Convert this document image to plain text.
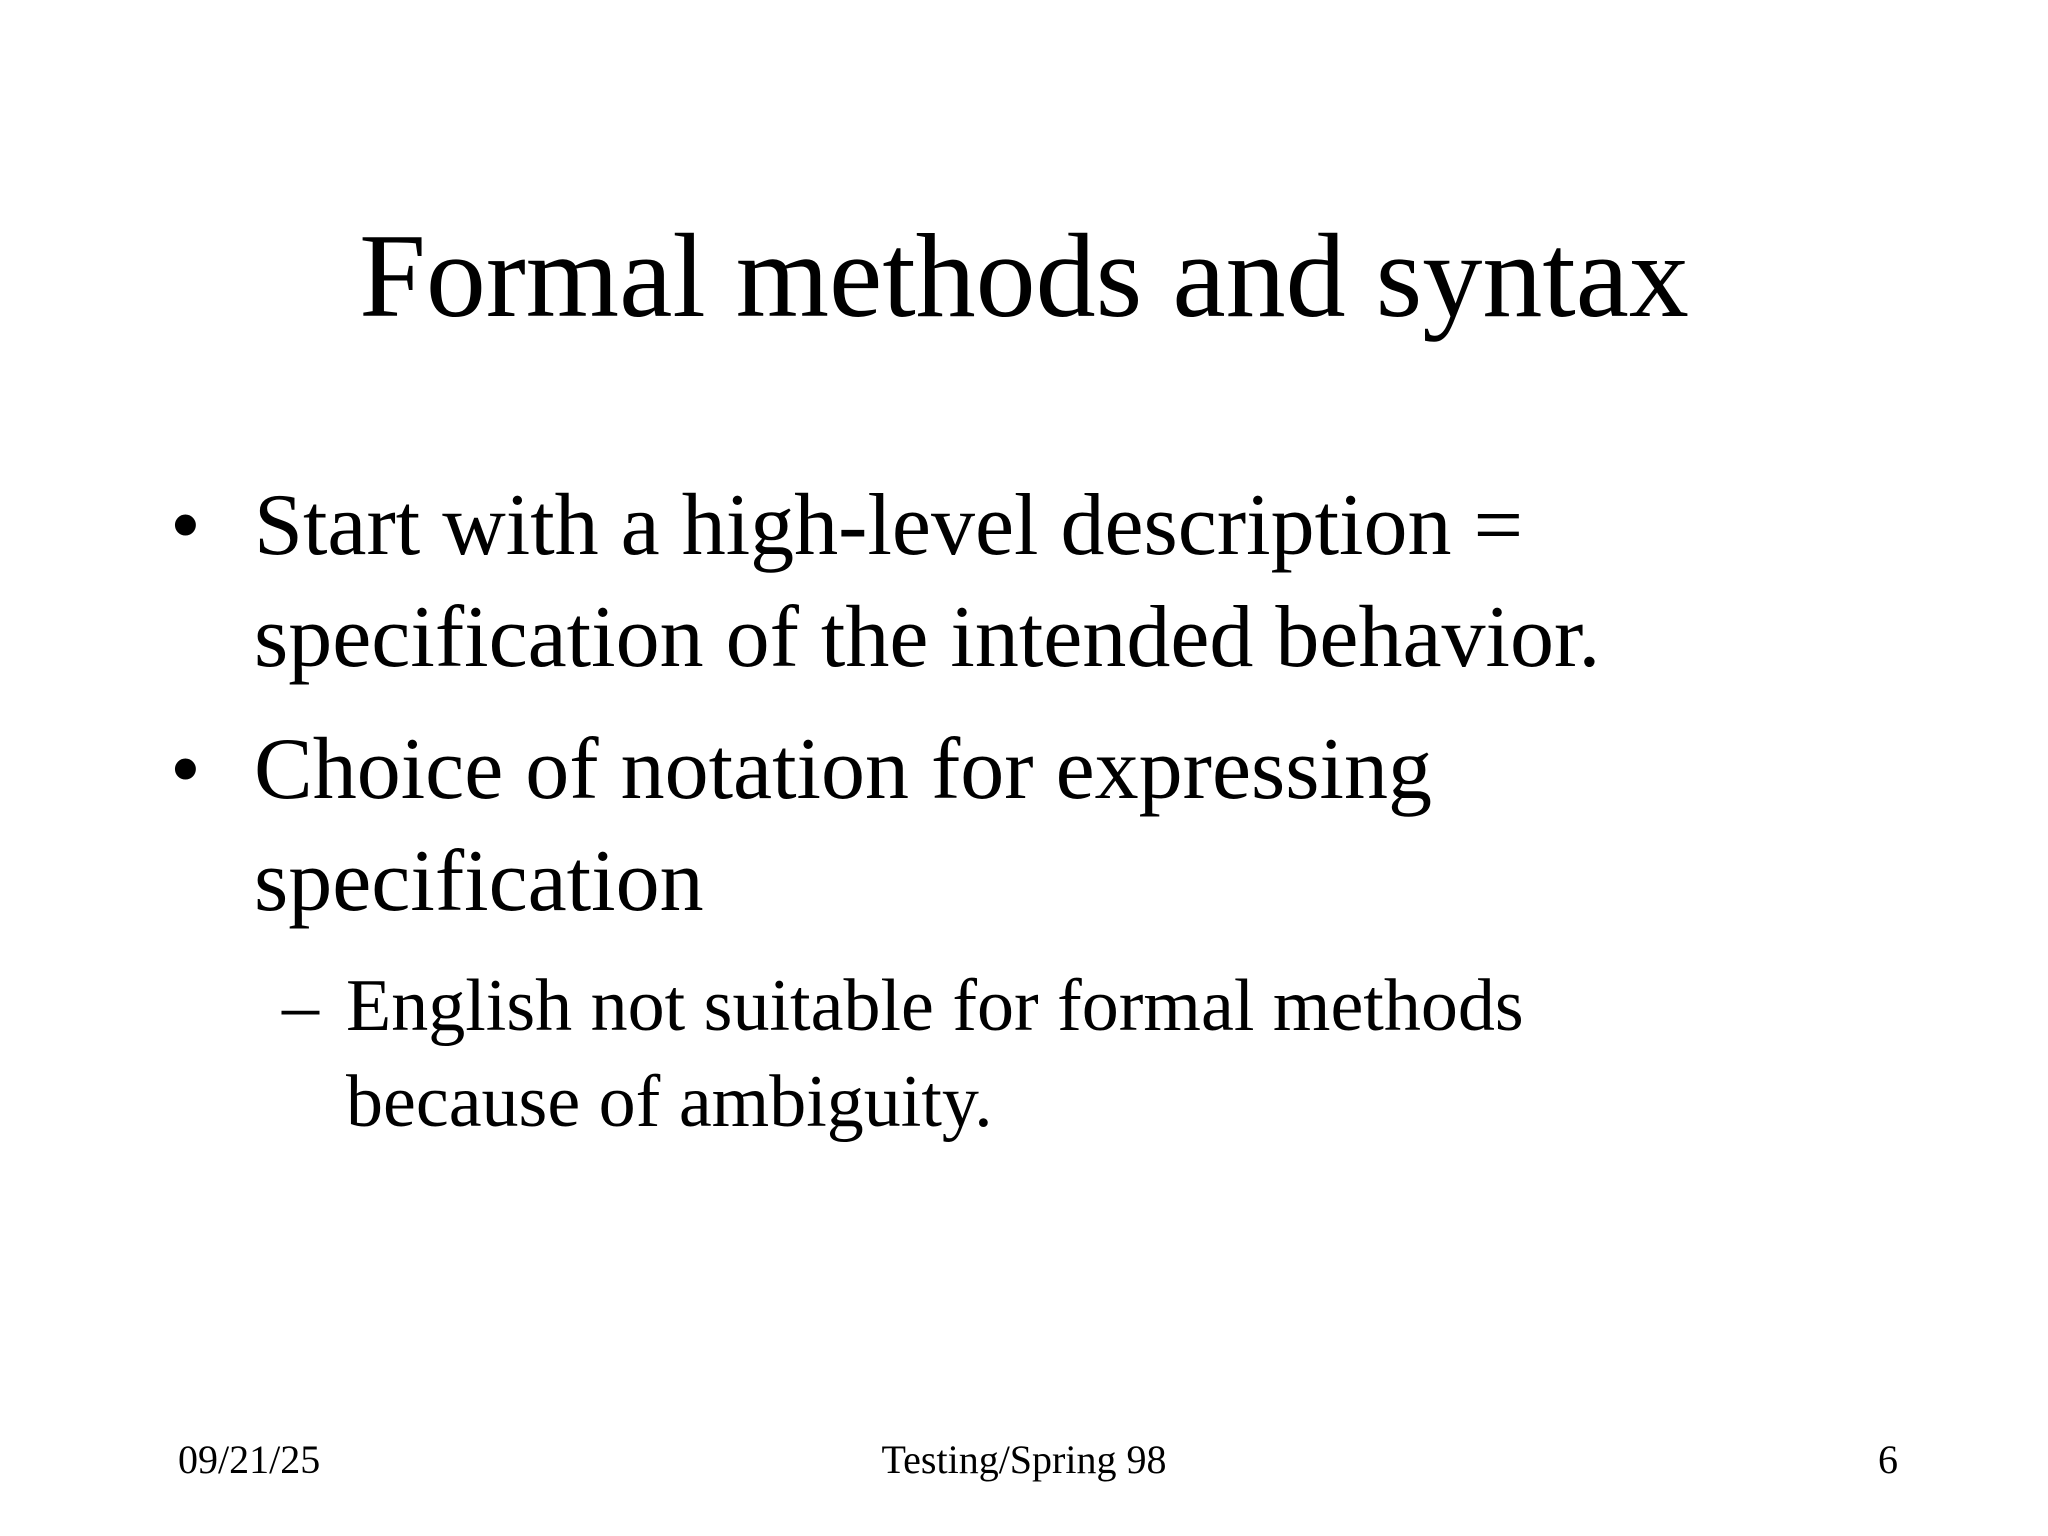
Formal methods and syntax
• Start with a high-level description =
specification of the intended behavior.
• Choice of notation for expressing
specification
– English not suitable for formal methods
because of ambiguity.
09/21/25	Testing/Spring 98	6
